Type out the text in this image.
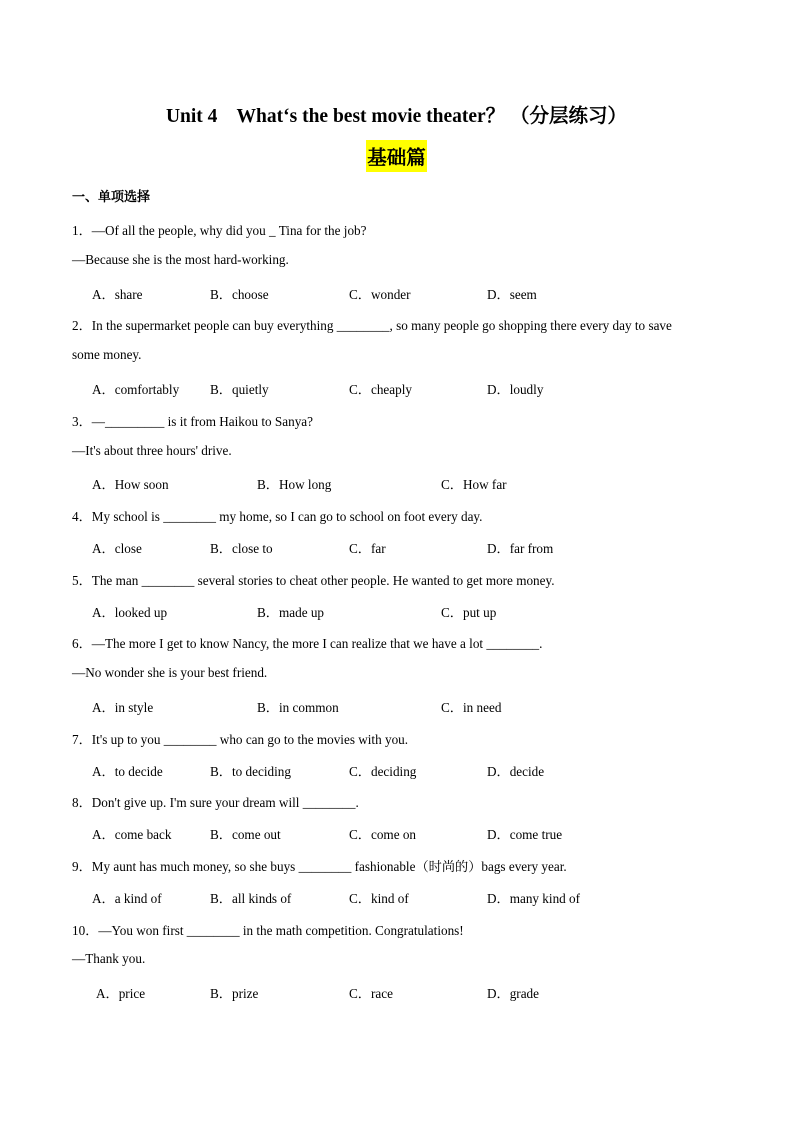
Unit 4    What‘s the best movie theater？ （分层练习）
基础篇
一、单项选择
1．—Of all the people, why did you _ Tina for the job?
—Because she is the most hard-working.
A．share	B．choose	C．wonder	D．seem
2．In the supermarket people can buy everything ________, so many people go shopping there every day to save
some money.
A．comfortably B．quietly	C．cheaply	D．loudly
3．—_________ is it from Haikou to Sanya?
—It's about three hours' drive.
A．How soon	B．How long	C．How far
4．My school is ________ my home, so I can go to school on foot every day.
A．close	B．close to	C．far	D．far from
5．The man ________ several stories to cheat other people. He wanted to get more money.
A．looked up	B．made up	C．put up
6．—The more I get to know Nancy, the more I can realize that we have a lot ________.
—No wonder she is your best friend.
A．in style	B．in common	C．in need
7．It's up to you ________ who can go to the movies with you.
A．to decide	B．to deciding	C．deciding	D．decide
8．Don't give up. I'm sure your dream will ________.
A．come back	B．come out	C．come on	D．come true
9．My aunt has much money, so she buys ________ fashionable（时尚的）bags every year.
A．a kind of	B．all kinds of	C．kind of	D．many kind of
10．—You won first ________ in the math competition. Congratulations!
—Thank you.
A．price	B．prize	C．race	D．grade
